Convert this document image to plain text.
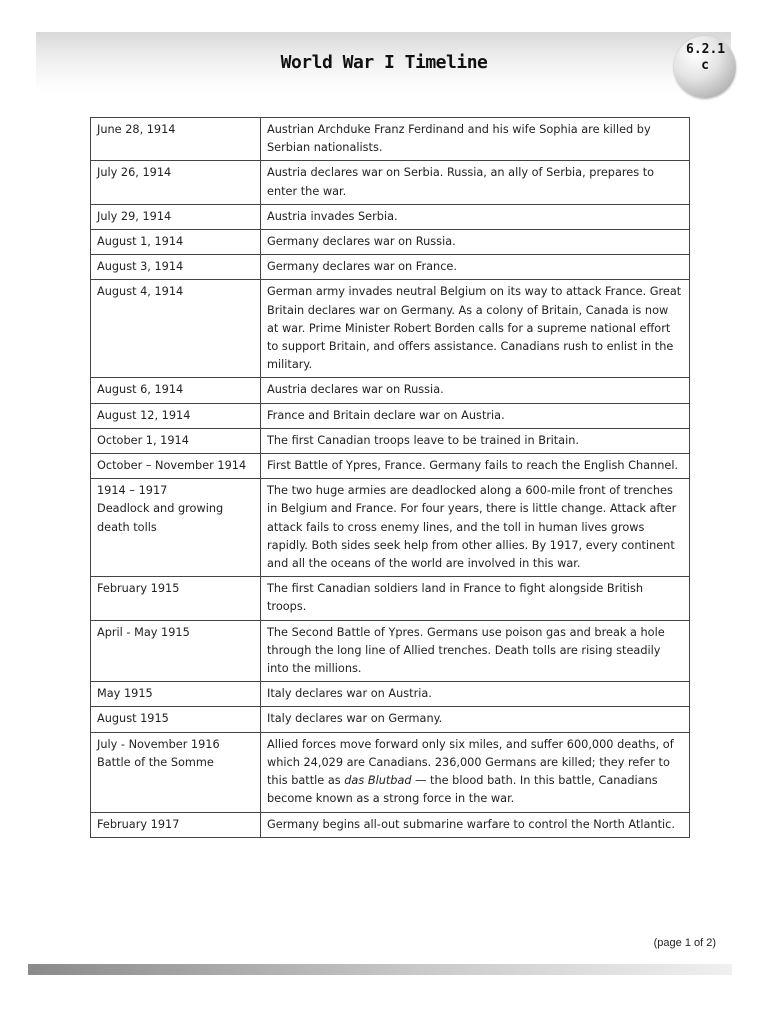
World War I Timeline
6.2.1 c
June 28, 1914	Austrian Archduke Franz Ferdinand and his wife Sophia are killed by Serbian nationalists.
July 26, 1914	Austria declares war on Serbia. Russia, an ally of Serbia, prepares to enter the war.
July 29, 1914	Austria invades Serbia.
August 1, 1914	Germany declares war on Russia.
August 3, 1914	Germany declares war on France.
August 4, 1914	German army invades neutral Belgium on its way to attack France. Great Britain declares war on Germany. As a colony of Britain, Canada is now at war. Prime Minister Robert Borden calls for a supreme national effort to support Britain, and offers assistance. Canadians rush to enlist in the military.
August 6, 1914	Austria declares war on Russia.
August 12, 1914	France and Britain declare war on Austria.
October 1, 1914	The first Canadian troops leave to be trained in Britain.
October – November 1914	First Battle of Ypres, France. Germany fails to reach the English Channel.
1914 – 1917
Deadlock and growing death tolls	The two huge armies are deadlocked along a 600-mile front of trenches in Belgium and France. For four years, there is little change. Attack after attack fails to cross enemy lines, and the toll in human lives grows rapidly. Both sides seek help from other allies. By 1917, every continent and all the oceans of the world are involved in this war.
February 1915	The first Canadian soldiers land in France to fight alongside British troops.
April - May 1915	The Second Battle of Ypres. Germans use poison gas and break a hole through the long line of Allied trenches. Death tolls are rising steadily into the millions.
May 1915	Italy declares war on Austria.
August 1915	Italy declares war on Germany.
July - November 1916
Battle of the Somme	Allied forces move forward only six miles, and suffer 600,000 deaths, of which 24,029 are Canadians. 236,000 Germans are killed; they refer to this battle as das Blutbad — the blood bath. In this battle, Canadians become known as a strong force in the war.
February 1917	Germany begins all-out submarine warfare to control the North Atlantic.
(page 1 of 2)
